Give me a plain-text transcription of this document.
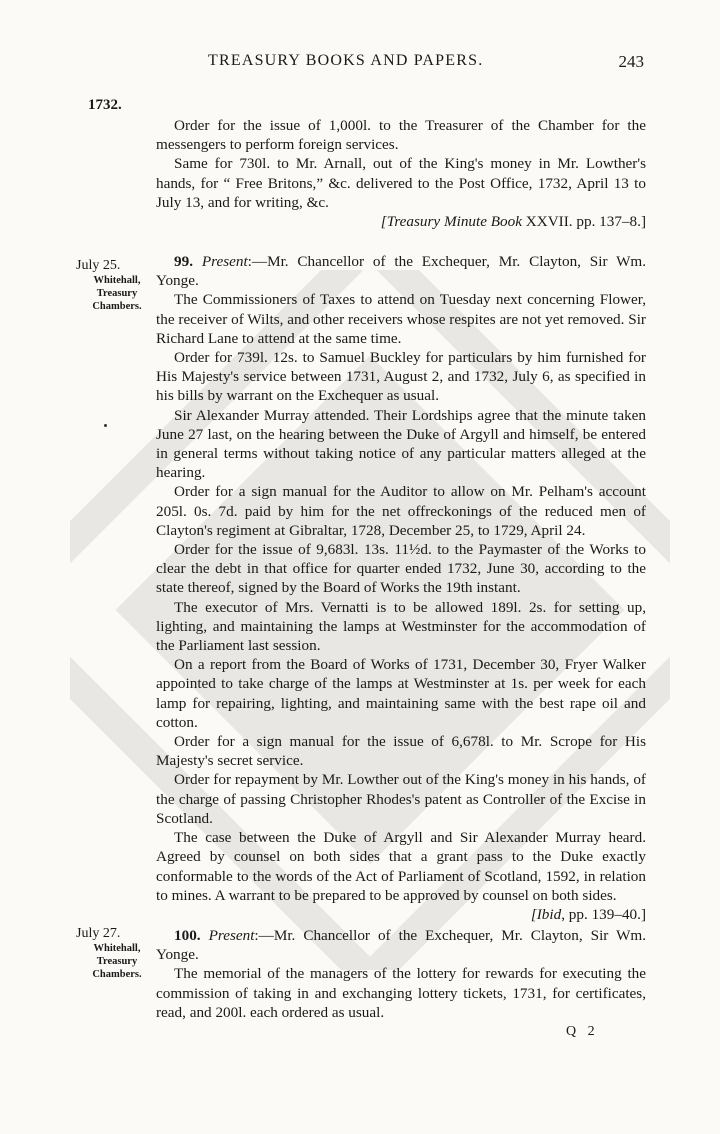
TREASURY BOOKS AND PAPERS.	243
1732.
July 25.
Whitehall,
Treasury
Chambers.
July 27.
Whitehall,
Treasury
Chambers.

Order for the issue of 1,000l. to the Treasurer of the Chamber for the messengers to perform foreign services.

Same for 730l. to Mr. Arnall, out of the King's money in Mr. Lowther's hands, for “ Free Britons,” &c. delivered to the Post Office, 1732, April 13 to July 13, and for writing, &c.

[Treasury Minute Book XXVII. pp. 137–8.]

99. Present:—Mr. Chancellor of the Exchequer, Mr. Clayton, Sir Wm. Yonge.

The Commissioners of Taxes to attend on Tuesday next concerning Flower, the receiver of Wilts, and other receivers whose respites are not yet removed. Sir Richard Lane to attend at the same time.

Order for 739l. 12s. to Samuel Buckley for particulars by him furnished for His Majesty's service between 1731, August 2, and 1732, July 6, as specified in his bills by warrant on the Exchequer as usual.

Sir Alexander Murray attended. Their Lordships agree that the minute taken June 27 last, on the hearing between the Duke of Argyll and himself, be entered in general terms without taking notice of any particular matters alleged at the hearing.

Order for a sign manual for the Auditor to allow on Mr. Pelham's account 205l. 0s. 7d. paid by him for the net offreckonings of the reduced men of Clayton's regiment at Gibraltar, 1728, December 25, to 1729, April 24.

Order for the issue of 9,683l. 13s. 11½d. to the Paymaster of the Works to clear the debt in that office for quarter ended 1732, June 30, according to the state thereof, signed by the Board of Works the 19th instant.

The executor of Mrs. Vernatti is to be allowed 189l. 2s. for setting up, lighting, and maintaining the lamps at Westminster for the accommodation of the Parliament last session.

On a report from the Board of Works of 1731, December 30, Fryer Walker appointed to take charge of the lamps at Westminster at 1s. per week for each lamp for repairing, lighting, and maintaining same with the best rape oil and cotton.

Order for a sign manual for the issue of 6,678l. to Mr. Scrope for His Majesty's secret service.

Order for repayment by Mr. Lowther out of the King's money in his hands, of the charge of passing Christopher Rhodes's patent as Controller of the Excise in Scotland.

The case between the Duke of Argyll and Sir Alexander Murray heard. Agreed by counsel on both sides that a grant pass to the Duke exactly conformable to the words of the Act of Parliament of Scotland, 1592, in relation to mines. A warrant to be prepared to be approved by counsel on both sides.

[Ibid, pp. 139–40.]

100. Present:—Mr. Chancellor of the Exchequer, Mr. Clayton, Sir Wm. Yonge.

The memorial of the managers of the lottery for rewards for executing the commission of taking in and exchanging lottery tickets, 1731, for certificates, read, and 200l. each ordered as usual.

Q 2
